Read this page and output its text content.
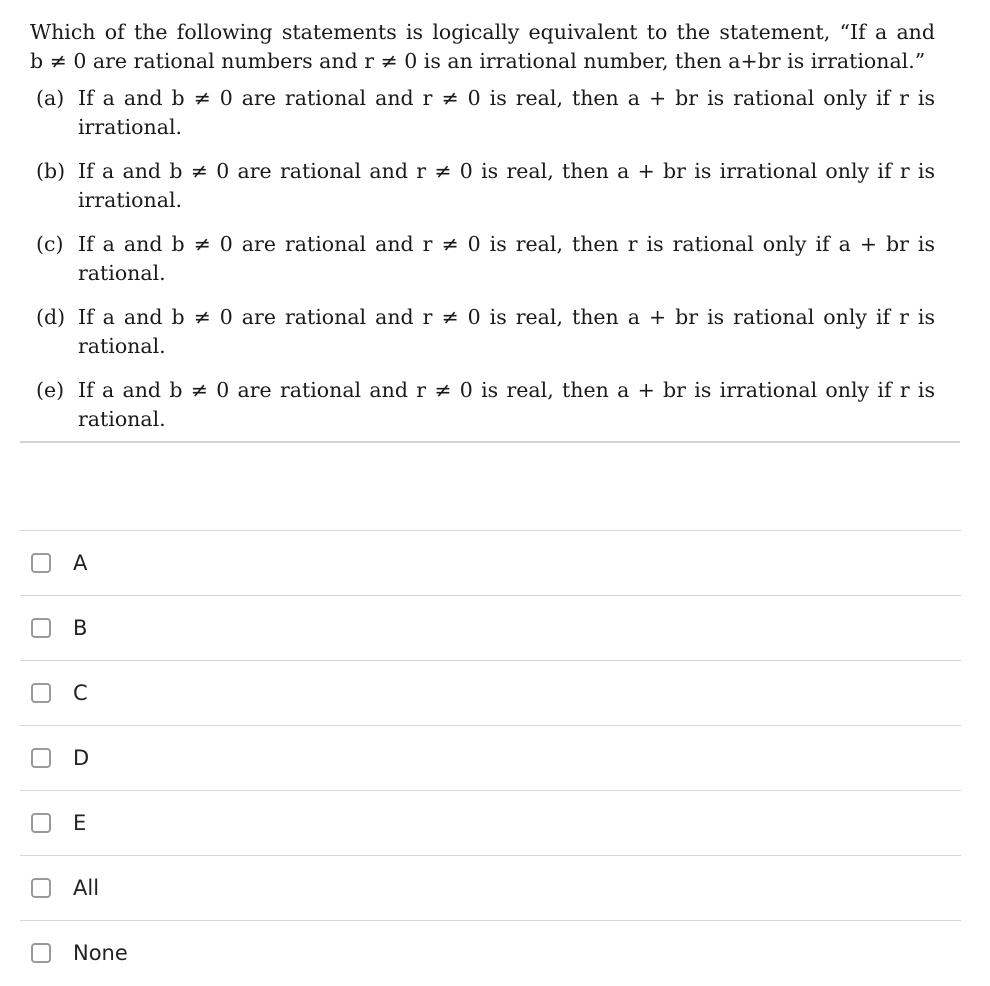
Which of the following statements is logically equivalent to the statement, “If a and
b ≠ 0 are rational numbers and r ≠ 0 is an irrational number, then a+br is irrational.”

(a) If a and b ≠ 0 are rational and r ≠ 0 is real, then a + br is rational only if r is irrational.
(b) If a and b ≠ 0 are rational and r ≠ 0 is real, then a + br is irrational only if r is irrational.
(c) If a and b ≠ 0 are rational and r ≠ 0 is real, then r is rational only if a + br is rational.
(d) If a and b ≠ 0 are rational and r ≠ 0 is real, then a + br is rational only if r is rational.
(e) If a and b ≠ 0 are rational and r ≠ 0 is real, then a + br is irrational only if r is rational.
A
B
C
D
E
All
None
